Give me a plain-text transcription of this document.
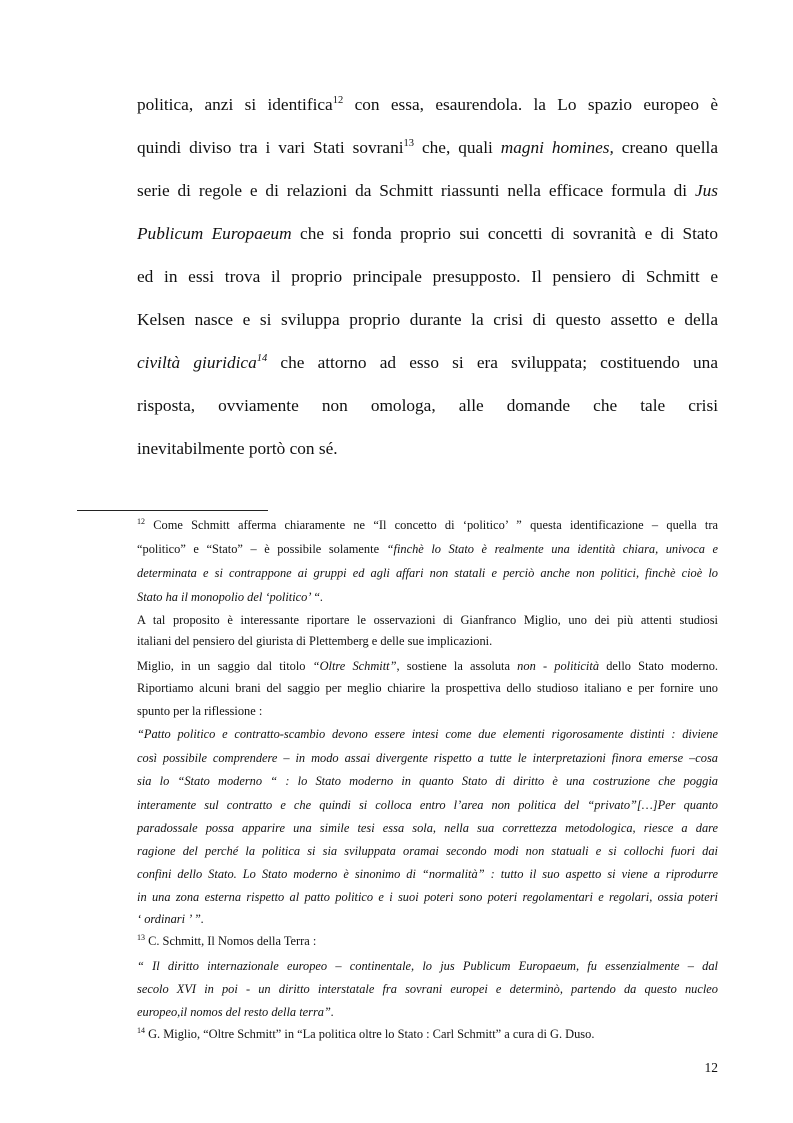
politica, anzi si identifica$^{12}$ con essa, esaurendola. la Lo spazio europeo è
quindi diviso tra i vari Stati sovrani$^{13}$ che, quali magni homines, creano quella
serie di regole e di relazioni da Schmitt riassunti nella efficace formula di Jus
Publicum Europaeum che si fonda proprio sui concetti di sovranità e di Stato
ed in essi trova il proprio principale presupposto. Il pensiero di Schmitt e
Kelsen nasce e si sviluppa proprio durante la crisi di questo assetto e della
civiltà giuridica$^{14}$ che attorno ad esso si era sviluppata; costituendo una
risposta, ovviamente non omologa, alle domande che tale crisi
inevitabilmente portò con sé.
$^{12}$ Come Schmitt afferma chiaramente ne “Il concetto di ‘politico’ ” questa identificazione – quella tra
“politico” e “Stato” – è possibile solamente “finchè lo Stato è realmente una identità chiara, univoca e
determinata e si contrappone ai gruppi ed agli affari non statali e perciò anche non politici, finchè cioè lo
Stato ha il monopolio del ‘politico’ “.
A tal proposito è interessante riportare le osservazioni di Gianfranco Miglio, uno dei più attenti studiosi
italiani del pensiero del giurista di Plettemberg e delle sue implicazioni.
Miglio, in un saggio dal titolo “Oltre Schmitt”, sostiene la assoluta non - politicità dello Stato moderno.
Riportiamo alcuni brani del saggio per meglio chiarire la prospettiva dello studioso italiano e per fornire uno
spunto per la riflessione :
“Patto politico e contratto-scambio devono essere intesi come due elementi rigorosamente distinti : diviene
così possibile comprendere – in modo assai divergente rispetto a tutte le interpretazioni finora emerse –cosa
sia lo “Stato moderno “ : lo Stato moderno in quanto Stato di diritto è una costruzione che poggia
interamente sul contratto e che quindi si colloca entro l’area non politica del “privato”[…]Per quanto
paradossale possa apparire una simile tesi essa sola, nella sua correttezza metodologica, riesce a dare
ragione del perché la politica si sia sviluppata oramai secondo modi non statuali e si collochi fuori dai
confini dello Stato. Lo Stato moderno è sinonimo di “normalità” : tutto il suo aspetto si viene a riprodurre
in una zona esterna rispetto al patto politico e i suoi poteri sono poteri regolamentari e regolari, ossia poteri
‘ ordinari ’ ”.
$^{13}$ C. Schmitt, Il Nomos della Terra :
“ Il diritto internazionale europeo – continentale, lo jus Publicum Europaeum, fu essenzialmente – dal
secolo XVI in poi - un diritto interstatale fra sovrani europei e determinò, partendo da questo nucleo
europeo,il nomos del resto della terra”.
$^{14}$ G. Miglio, “Oltre Schmitt” in “La politica oltre lo Stato : Carl Schmitt” a cura di G. Duso.
12
